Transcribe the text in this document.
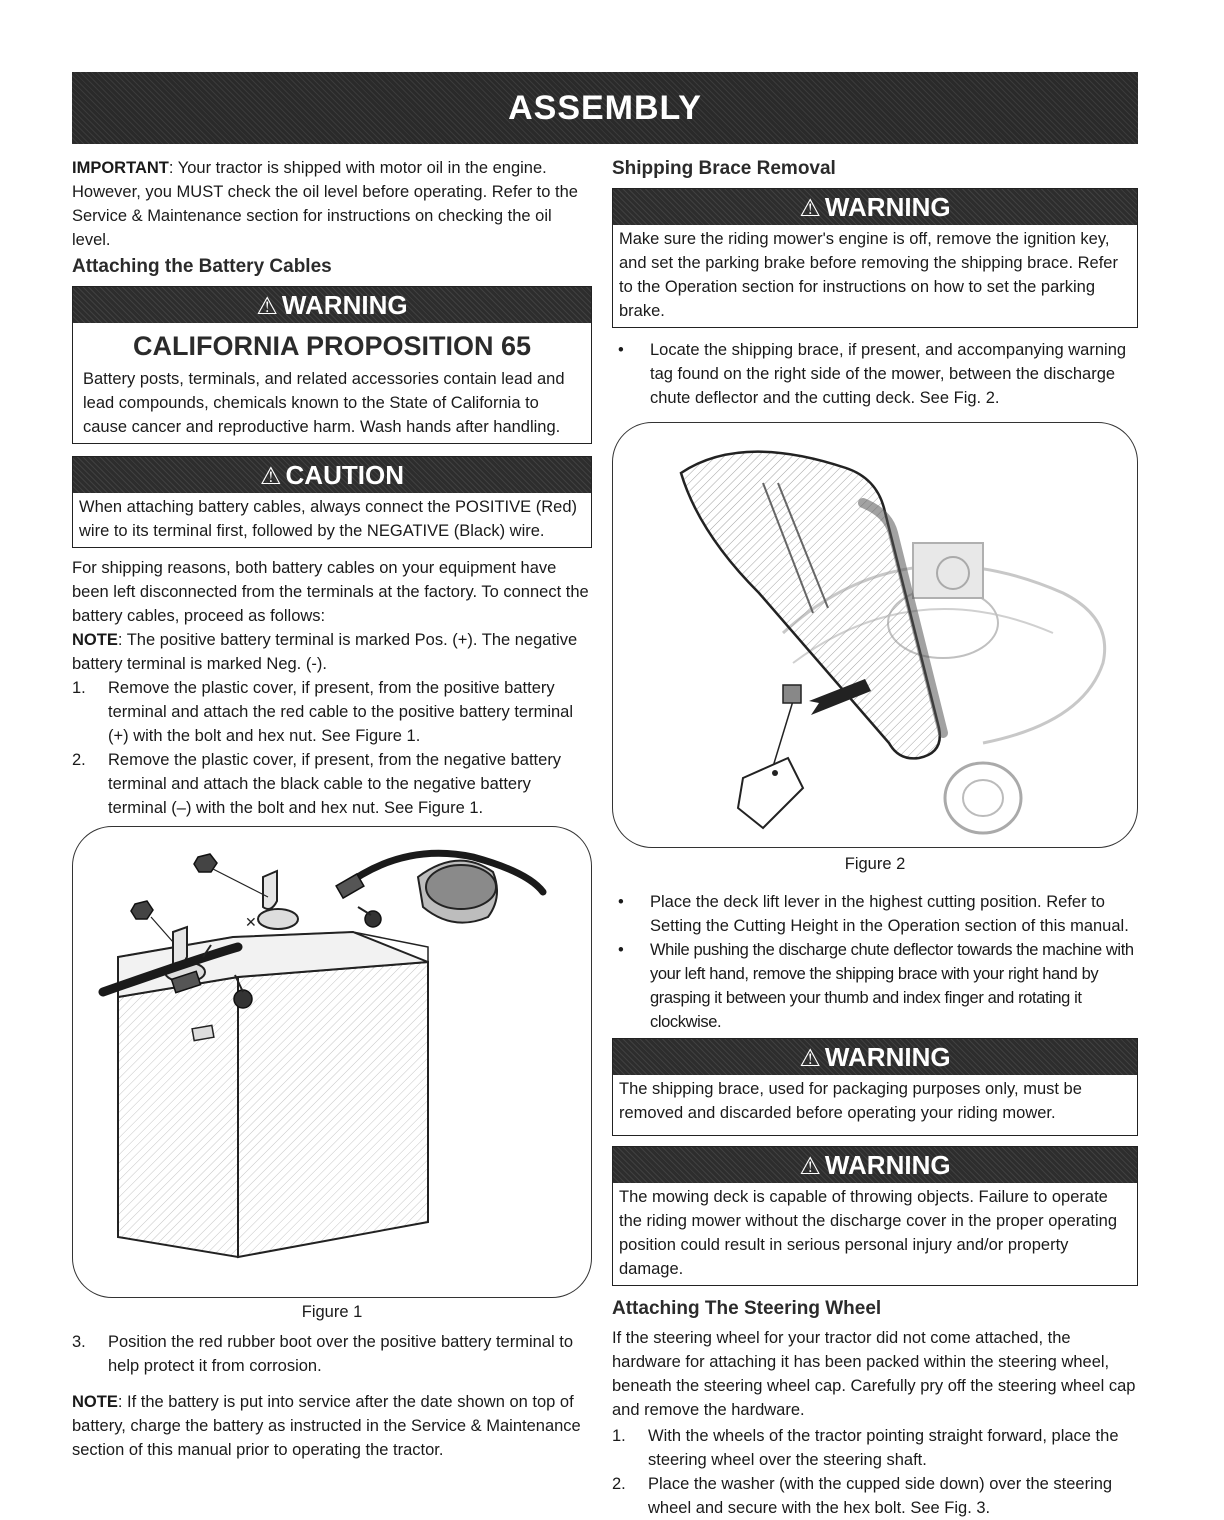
ASSEMBLY

IMPORTANT: Your tractor is shipped with motor oil in the engine. However, you MUST check the oil level before operating. Refer to the Service & Maintenance section for instructions on checking the oil level.

Attaching the Battery Cables
⚠ WARNING
CALIFORNIA PROPOSITION 65
Battery posts, terminals, and related accessories contain lead and lead compounds, chemicals known to the State of California to cause cancer and reproductive harm. Wash hands after handling.
⚠ CAUTION
When attaching battery cables, always connect the POSITIVE (Red) wire to its terminal first, followed by the NEGATIVE (Black) wire.

For shipping reasons, both battery cables on your equipment have been left disconnected from the terminals at the factory. To connect the battery cables, proceed as follows:

NOTE: The positive battery terminal is marked Pos. (+). The negative battery terminal is marked Neg. (-).

1. Remove the plastic cover, if present, from the positive battery terminal and attach the red cable to the positive battery terminal (+) with the bolt and hex nut. See Figure 1.
2. Remove the plastic cover, if present, from the negative battery terminal and attach the black cable to the negative battery terminal (–) with the bolt and hex nut. See Figure 1.
✕
Figure 1
3. Position the red rubber boot over the positive battery terminal to help protect it from corrosion.

NOTE: If the battery is put into service after the date shown on top of battery, charge the battery as instructed in the Service & Maintenance section of this manual prior to operating the tractor.

Shipping Brace Removal
⚠ WARNING
Make sure the riding mower's engine is off, remove the ignition key, and set the parking brake before removing the shipping brace. Refer to the Operation section for instructions on how to set the parking brake.
• Locate the shipping brace, if present, and accompanying warning tag found on the right side of the mower, between the discharge chute deflector and the cutting deck. See Fig. 2.
Figure 2
• Place the deck lift lever in the highest cutting position. Refer to Setting the Cutting Height in the Operation section of this manual.
• While pushing the discharge chute deflector towards the machine with your left hand, remove the shipping brace with your right hand by grasping it between your thumb and index finger and rotating it clockwise.
⚠ WARNING
The shipping brace, used for packaging purposes only, must be removed and discarded before operating your riding mower.
⚠ WARNING
The mowing deck is capable of throwing objects. Failure to operate the riding mower without the discharge cover in the proper operating position could result in serious personal injury and/or property damage.
Attaching The Steering Wheel

If the steering wheel for your tractor did not come attached, the hardware for attaching it has been packed within the steering wheel, beneath the steering wheel cap. Carefully pry off the steering wheel cap and remove the hardware.

1. With the wheels of the tractor pointing straight forward, place the steering wheel over the steering shaft.
2. Place the washer (with the cupped side down) over the steering wheel and secure with the hex bolt. See Fig. 3.
